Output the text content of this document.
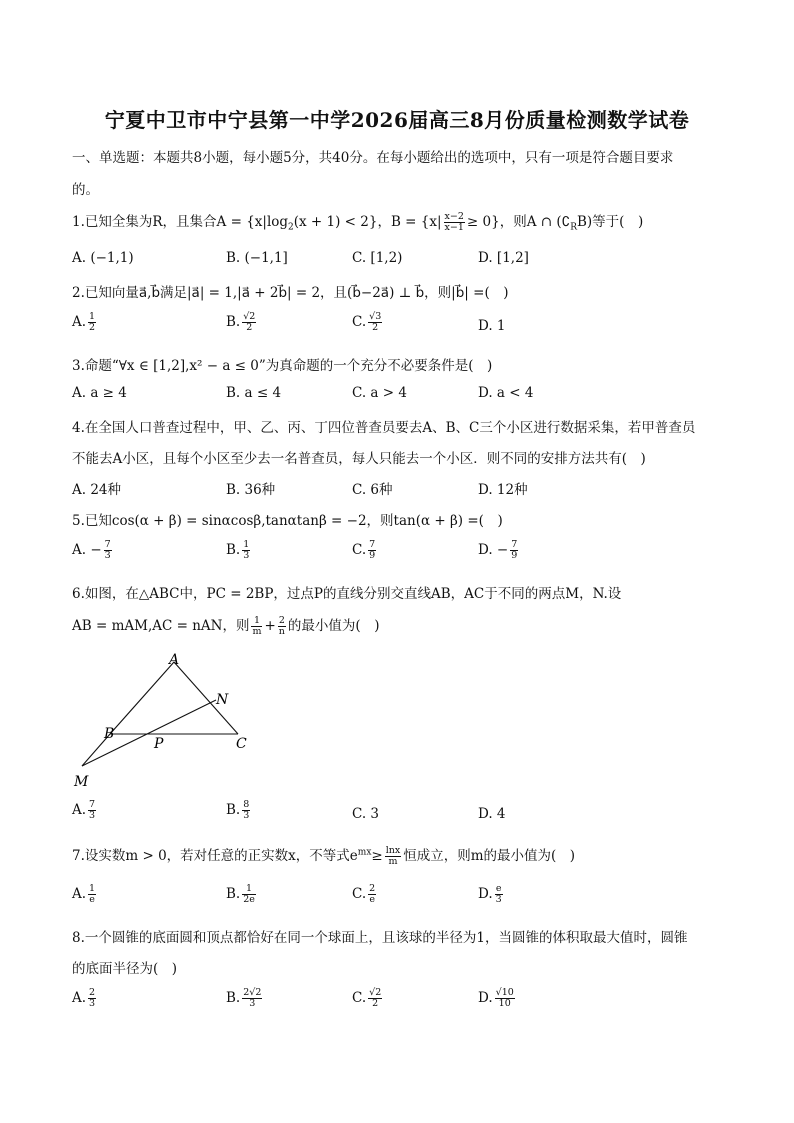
宁夏中卫市中宁县第一中学2026届高三8月份质量检测数学试卷
一、单选题：本题共8小题，每小题5分，共40分。在每小题给出的选项中，只有一项是符合题目要求
的。
1.已知全集为R，且集合$A = \{x|\log_2(x + 1) < 2\}$，$B = \{x| \frac{x-2}{x-1} \ge 0\}$，则A ∩ $(∁_RB)$等于(　)
A. (−1,1)	B. (−1,1]	C. [1,2)	D. [1,2]
2.已知向量a⃗,b⃗满足|a⃗| = 1,|a⃗ + 2b⃗| = 2，且(b⃗−2a⃗) ⊥ b⃗，则|b⃗| =(　)
A. $\frac{1}{2}$	B. $\frac{√2}{2}$	C. $\frac{√3}{2}$	D. 1
3.命题“∀x ∈ [1,2],x² − a ≤ 0”为真命题的一个充分不必要条件是(　)
A. a ≥ 4	B. a ≤ 4	C. a > 4	D. a < 4
4.在全国人口普查过程中，甲、乙、丙、丁四位普查员要去A、B、C三个小区进行数据采集，若甲普查员
不能去A小区，且每个小区至少去一名普查员，每人只能去一个小区．则不同的安排方法共有(　)
A. 24种	B. 36种	C. 6种	D. 12种
5.已知cos(α + β) = sinαcosβ,tanαtanβ = −2，则tan(α + β) =(　)
A. − $\frac{7}{3}$	B. $\frac{1}{3}$	C. $\frac{7}{9}$	D. − $\frac{7}{9}$
6.如图，在△ABC中，PC = 2BP，过点P的直线分别交直线AB，AC于不同的两点M，N.设
AB = mAM,AC = nAN，则 $\frac{1}{m} + \frac{2}{n}$ 的最小值为(　)
A
B
C
N
P
M
A. $\frac{7}{3}$	B. $\frac{8}{3}$	C. 3	D. 4
7.设实数m > 0，若对任意的正实数x，不等式$e^{mx}\ge \frac{\ln x}{m}$ 恒成立，则m的最小值为(　)
A. $\frac{1}{e}$	B. $\frac{1}{2e}$	C. $\frac{2}{e}$	D. $\frac{e}{3}$
8.一个圆锥的底面圆和顶点都恰好在同一个球面上，且该球的半径为1，当圆锥的体积取最大值时，圆锥
的底面半径为(　)
A. $\frac{2}{3}$	B. $\frac{2√2}{3}$	C. $\frac{√2}{2}$	D. $\frac{√10}{10}$
